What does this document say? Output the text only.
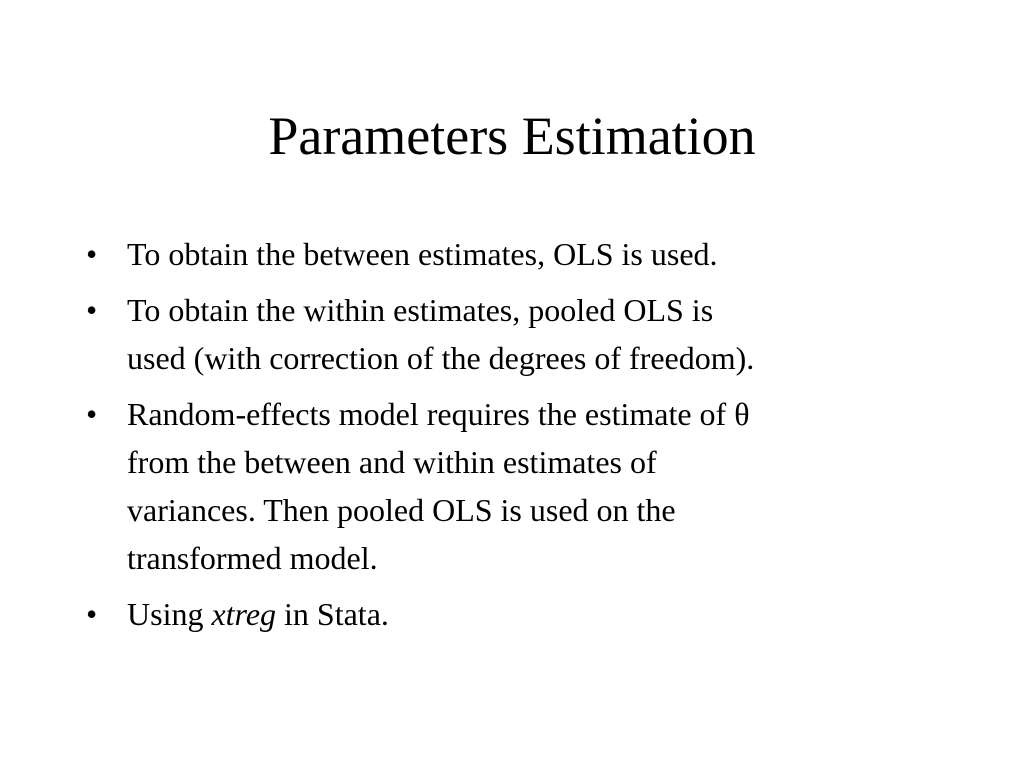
Parameters Estimation
• To obtain the between estimates, OLS is used.
• To obtain the within estimates, pooled OLS is
used (with correction of the degrees of freedom).
• Random-effects model requires the estimate of θ
from the between and within estimates of
variances. Then pooled OLS is used on the
transformed model.
• Using xtreg in Stata.
